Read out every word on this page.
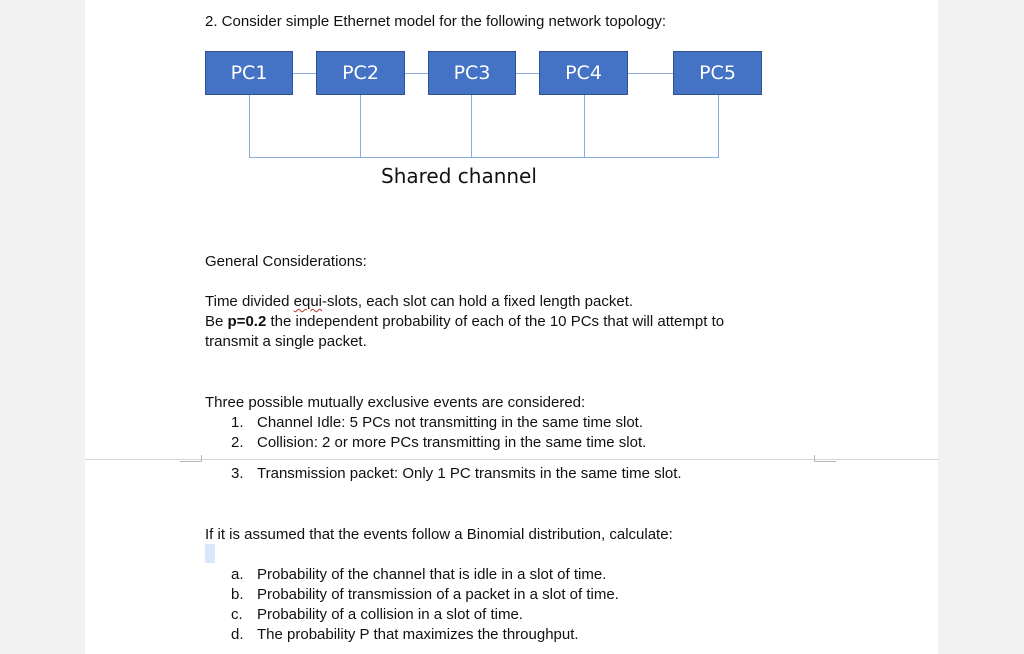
2. Consider simple Ethernet model for the following network topology:
PC1	PC2	PC3	PC4	PC5
Shared channel
General Considerations:
Time divided equi-slots, each slot can hold a fixed length packet.
Be p=0.2 the independent probability of each of the 10 PCs that will attempt to
transmit a single packet.
Three possible mutually exclusive events are considered:
1. Channel Idle: 5 PCs not transmitting in the same time slot.
2. Collision: 2 or more PCs transmitting in the same time slot.
3. Transmission packet: Only 1 PC transmits in the same time slot.
If it is assumed that the events follow a Binomial distribution, calculate:
a. Probability of the channel that is idle in a slot of time.
b. Probability of transmission of a packet in a slot of time.
c. Probability of a collision in a slot of time.
d. The probability P that maximizes the throughput.
